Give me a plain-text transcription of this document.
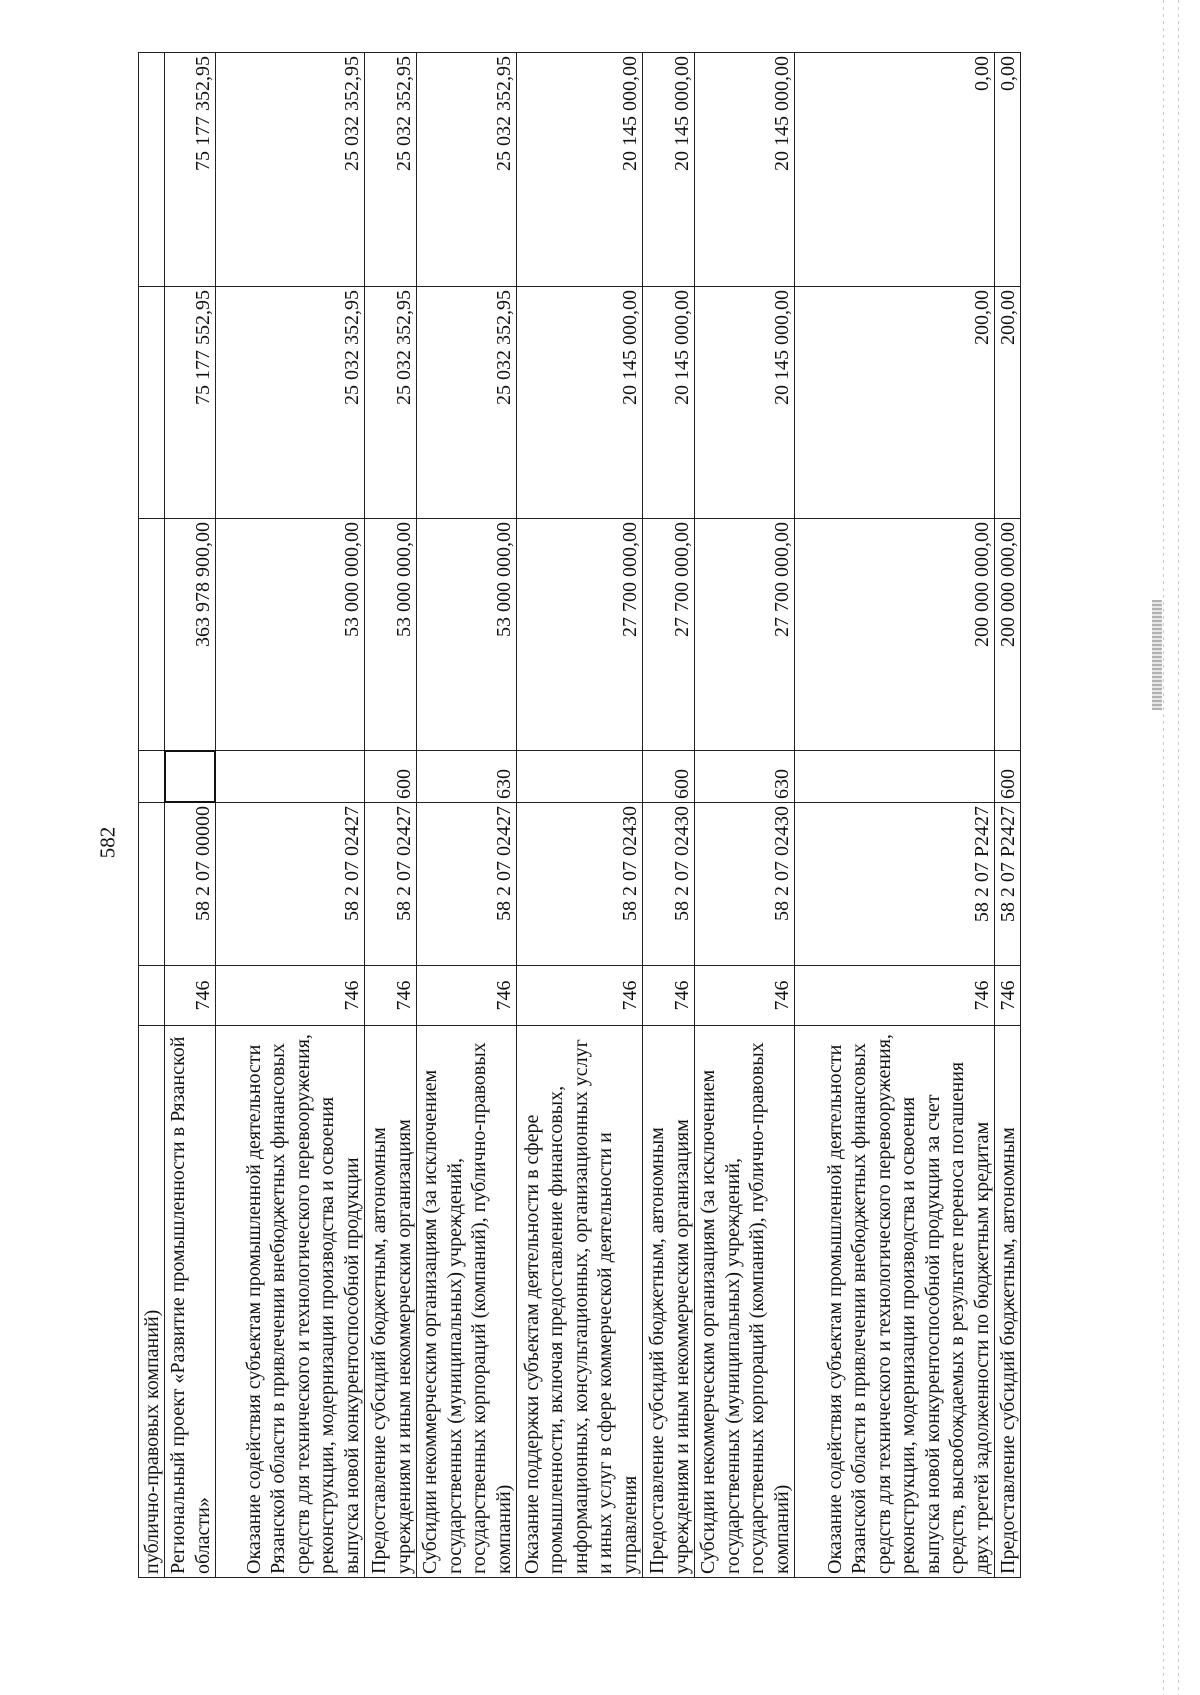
582
публично-правовых компаний)						
Региональный проект «Развитие промышленности в Рязанской области»	746	58 2 07 00000		363 978 900,00	75 177 552,95	75 177 352,95
Оказание содействия субъектам промышленной деятельности Рязанской области в привлечении внебюджетных финансовых средств для технического и технологического перевооружения, реконструкции, модернизации производства и освоения выпуска новой конкурентоспособной продукции	746	58 2 07 02427		53 000 000,00	25 032 352,95	25 032 352,95
Предоставление субсидий бюджетным, автономным учреждениям и иным некоммерческим организациям	746	58 2 07 02427	600	53 000 000,00	25 032 352,95	25 032 352,95
Субсидии некоммерческим организациям (за исключением государственных (муниципальных) учреждений, государственных корпораций (компаний), публично-правовых компаний)	746	58 2 07 02427	630	53 000 000,00	25 032 352,95	25 032 352,95
Оказание поддержки субъектам деятельности в сфере промышленности, включая предоставление финансовых, информационных, консультационных, организационных услуг и иных услуг в сфере коммерческой деятельности и управления	746	58 2 07 02430		27 700 000,00	20 145 000,00	20 145 000,00
Предоставление субсидий бюджетным, автономным учреждениям и иным некоммерческим организациям	746	58 2 07 02430	600	27 700 000,00	20 145 000,00	20 145 000,00
Субсидии некоммерческим организациям (за исключением государственных (муниципальных) учреждений, государственных корпораций (компаний), публично-правовых компаний)	746	58 2 07 02430	630	27 700 000,00	20 145 000,00	20 145 000,00
Оказание содействия субъектам промышленной деятельности Рязанской области в привлечении внебюджетных финансовых средств для технического и технологического перевооружения, реконструкции, модернизации производства и освоения выпуска новой конкурентоспособной продукции за счет средств, высвобождаемых в результате переноса погашения двух третей задолженности по бюджетным кредитам	746	58 2 07 P2427		200 000 000,00	200,00	0,00
Предоставление субсидий бюджетным, автономным	746	58 2 07 P2427	600	200 000 000,00	200,00	0,00
